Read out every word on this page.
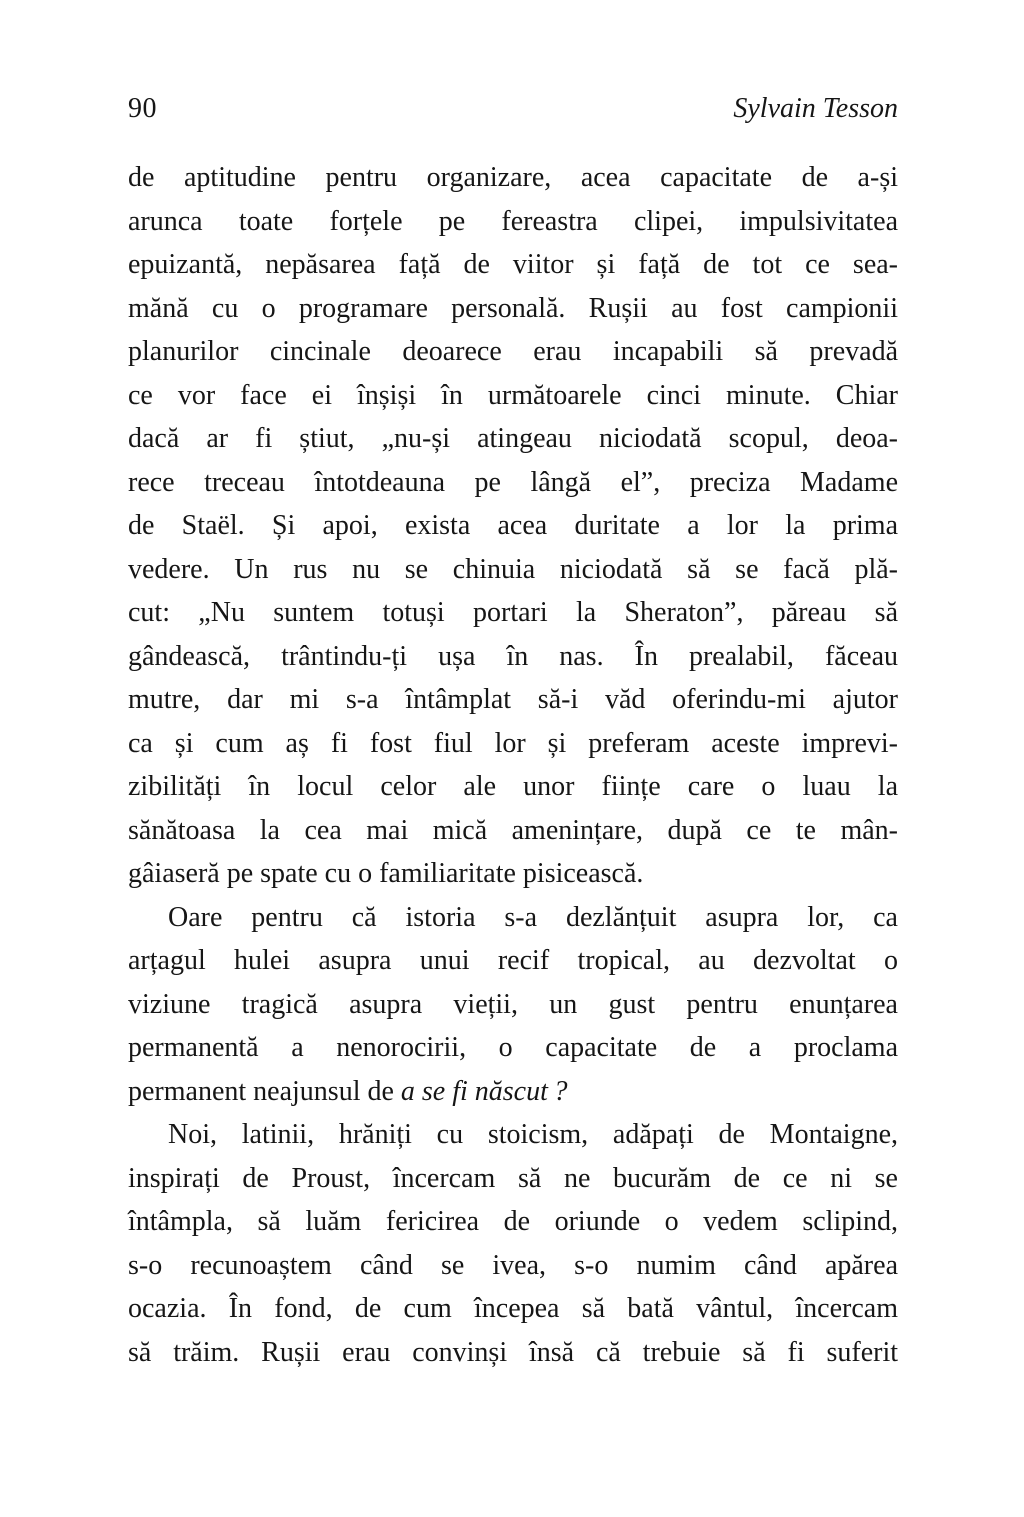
90	Sylvain Tesson
de aptitudine pentru organizare, acea capacitate de a-și
arunca toate forțele pe fereastra clipei, impulsivitatea
epuizantă, nepăsarea față de viitor și față de tot ce sea-
mănă cu o programare personală. Rușii au fost campionii
planurilor cincinale deoarece erau incapabili să prevadă
ce vor face ei înșiși în următoarele cinci minute. Chiar
dacă ar fi știut, „nu-și atingeau niciodată scopul, deoa-
rece treceau întotdeauna pe lângă el”, preciza Madame
de Staël. Și apoi, exista acea duritate a lor la prima
vedere. Un rus nu se chinuia niciodată să se facă plă-
cut: „Nu suntem totuși portari la Sheraton”, păreau să
gândească, trântindu-ți ușa în nas. În prealabil, făceau
mutre, dar mi s-a întâmplat să-i văd oferindu-mi ajutor
ca și cum aș fi fost fiul lor și preferam aceste imprevi-
zibilități în locul celor ale unor ființe care o luau la
sănătoasa la cea mai mică amenințare, după ce te mân-
gâiaseră pe spate cu o familiaritate pisicească.
Oare pentru că istoria s-a dezlănțuit asupra lor, ca
arțagul hulei asupra unui recif tropical, au dezvoltat o
viziune tragică asupra vieții, un gust pentru enunțarea
permanentă a nenorocirii, o capacitate de a proclama
permanent neajunsul de a se fi născut ?
Noi, latinii, hrăniți cu stoicism, adăpați de Montaigne,
inspirați de Proust, încercam să ne bucurăm de ce ni se
întâmpla, să luăm fericirea de oriunde o vedem sclipind,
s-o recunoaștem când se ivea, s-o numim când apărea
ocazia. În fond, de cum începea să bată vântul, încercam
să trăim. Rușii erau convinși însă că trebuie să fi suferit
